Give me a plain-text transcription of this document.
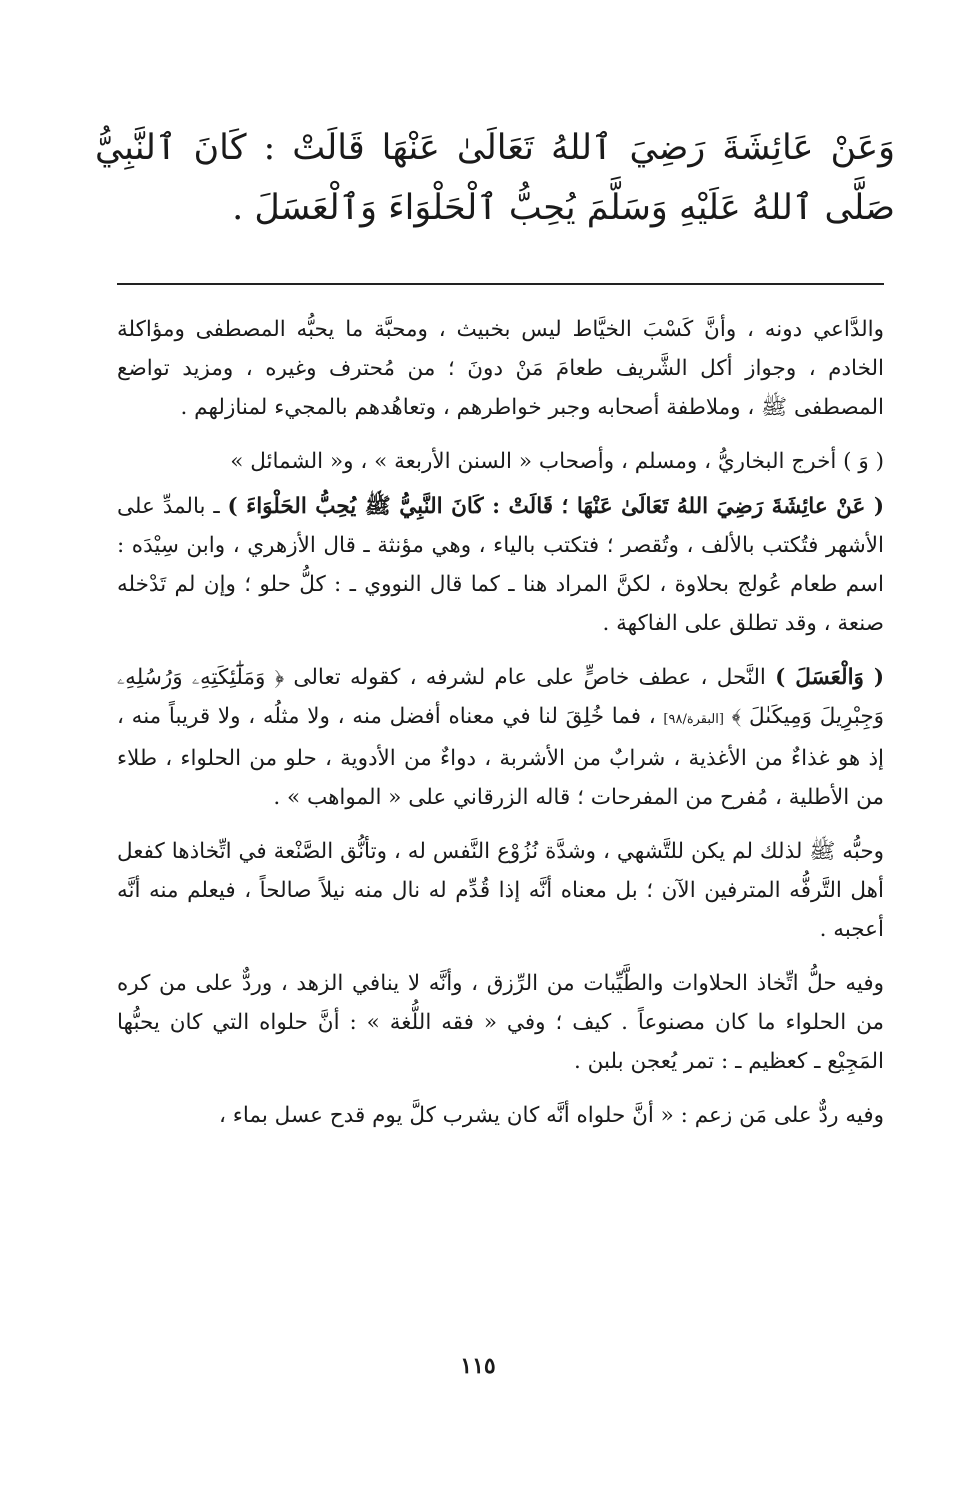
وَعَنْ عَائِشَةَ رَضِيَ ٱللهُ تَعَالَىٰ عَنْهَا قَالَتْ : كَانَ ٱلنَّبِيُّ صَلَّى ٱللهُ عَلَيْهِ وَسَلَّمَ يُحِبُّ ٱلْحَلْوَاءَ وَٱلْعَسَلَ .

والدَّاعي دونه ، وأنَّ كَسْبَ الخيَّاط ليس بخبيث ، ومحبَّة ما يحبُّه المصطفى ومؤاكلة الخادم ، وجواز أكل الشَّريف طعامَ مَنْ دونَ ؛ من مُحترف وغيره ، ومزيد تواضع المصطفى ﷺ ، وملاطفة أصحابه وجبر خواطرهم ، وتعاهُدهم بالمجيء لمنازلهم .

( وَ ) أخرج البخاريُّ ، ومسلم ، وأصحاب « السنن الأربعة » ، و« الشمائل »

( عَنْ عائِشَةَ رَضِيَ اللهُ تَعَالَىٰ عَنْهَا ؛ قَالَتْ : كَانَ النَّبِيُّ ﷺ يُحِبُّ الحَلْوَاءَ ) ـ بالمدِّ على الأشهر فتُكتب بالألف ، وتُقصر ؛ فتكتب بالياء ، وهي مؤنثة ـ قال الأزهري ، وابن سِيْدَه : اسم طعام عُولج بحلاوة ، لكنَّ المراد هنا ـ كما قال النووي ـ : كلُّ حلو ؛ وإن لم تَدْخله صنعة ، وقد تطلق على الفاكهة .

( وَالْعَسَلَ ) النَّحل ، عطف خاصٍّ على عام لشرفه ، كقوله تعالى ﴿ وَمَلَٰٓئِكَتِهِۦ وَرُسُلِهِۦ وَجِبْرِيلَ وَمِيكَىٰلَ ﴾ [البقرة/٩٨] ، فما خُلِقَ لنا في معناه أفضل منه ، ولا مثلُه ، ولا قريباً منه ، إذ هو غذاءٌ من الأغذية ، شرابٌ من الأشربة ، دواءٌ من الأدوية ، حلو من الحلواء ، طلاء من الأطلية ، مُفرح من المفرحات ؛ قاله الزرقاني على « المواهب » .

وحبُّه ﷺ لذلك لم يكن للتَّشهي ، وشدَّة نُزُوْع النَّفس له ، وتأنُّق الصَّنْعة في اتِّخاذها كفعل أهل التَّرفُّه المترفين الآن ؛ بل معناه أنَّه إذا قُدِّم له نال منه نيلاً صالحاً ، فيعلم منه أنَّه أعجبه .

وفيه حلُّ اتِّخاذ الحلاوات والطَّيِّبات من الرِّزق ، وأنَّه لا ينافي الزهد ، وردٌّ على من كره من الحلواء ما كان مصنوعاً . كيف ؛ وفي « فقه اللُّغة » : أنَّ حلواه التي كان يحبُّها المَجِيْع ـ كعظيم ـ : تمر يُعجن بلبن .

وفيه ردٌّ على مَن زعم : « أنَّ حلواه أنَّه كان يشرب كلَّ يوم قدح عسل بماء ،

١١٥
